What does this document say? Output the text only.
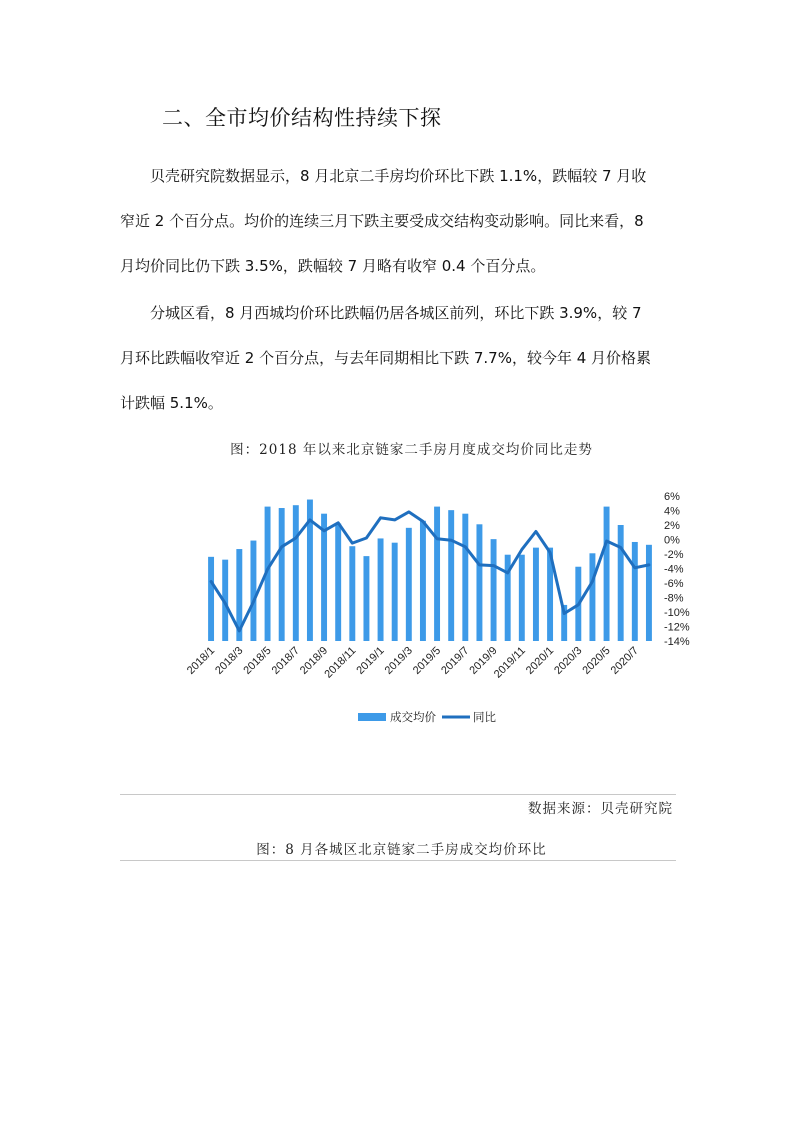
二、全市均价结构性持续下探
贝壳研究院数据显示，8 月北京二手房均价环比下跌 1.1%，跌幅较 7 月收
窄近 2 个百分点。均价的连续三月下跌主要受成交结构变动影响。同比来看，8
月均价同比仍下跌 3.5%，跌幅较 7 月略有收窄 0.4 个百分点。
分城区看，8 月西城均价环比跌幅仍居各城区前列，环比下跌 3.9%，较 7
月环比跌幅收窄近 2 个百分点，与去年同期相比下跌 7.7%，较今年 4 月价格累
计跌幅 5.1%。
图：2018 年以来北京链家二手房月度成交均价同比走势
6%
4%
2%
0%
-2%
-4%
-6%
-8%
-10%
-12%
-14%
2018/1
2018/3
2018/5
2018/7
2018/9
2018/11
2019/1
2019/3
2019/5
2019/7
2019/9
2019/11
2020/1
2020/3
2020/5
2020/7
成交均价	同比
数据来源：贝壳研究院
图：8 月各城区北京链家二手房成交均价环比
